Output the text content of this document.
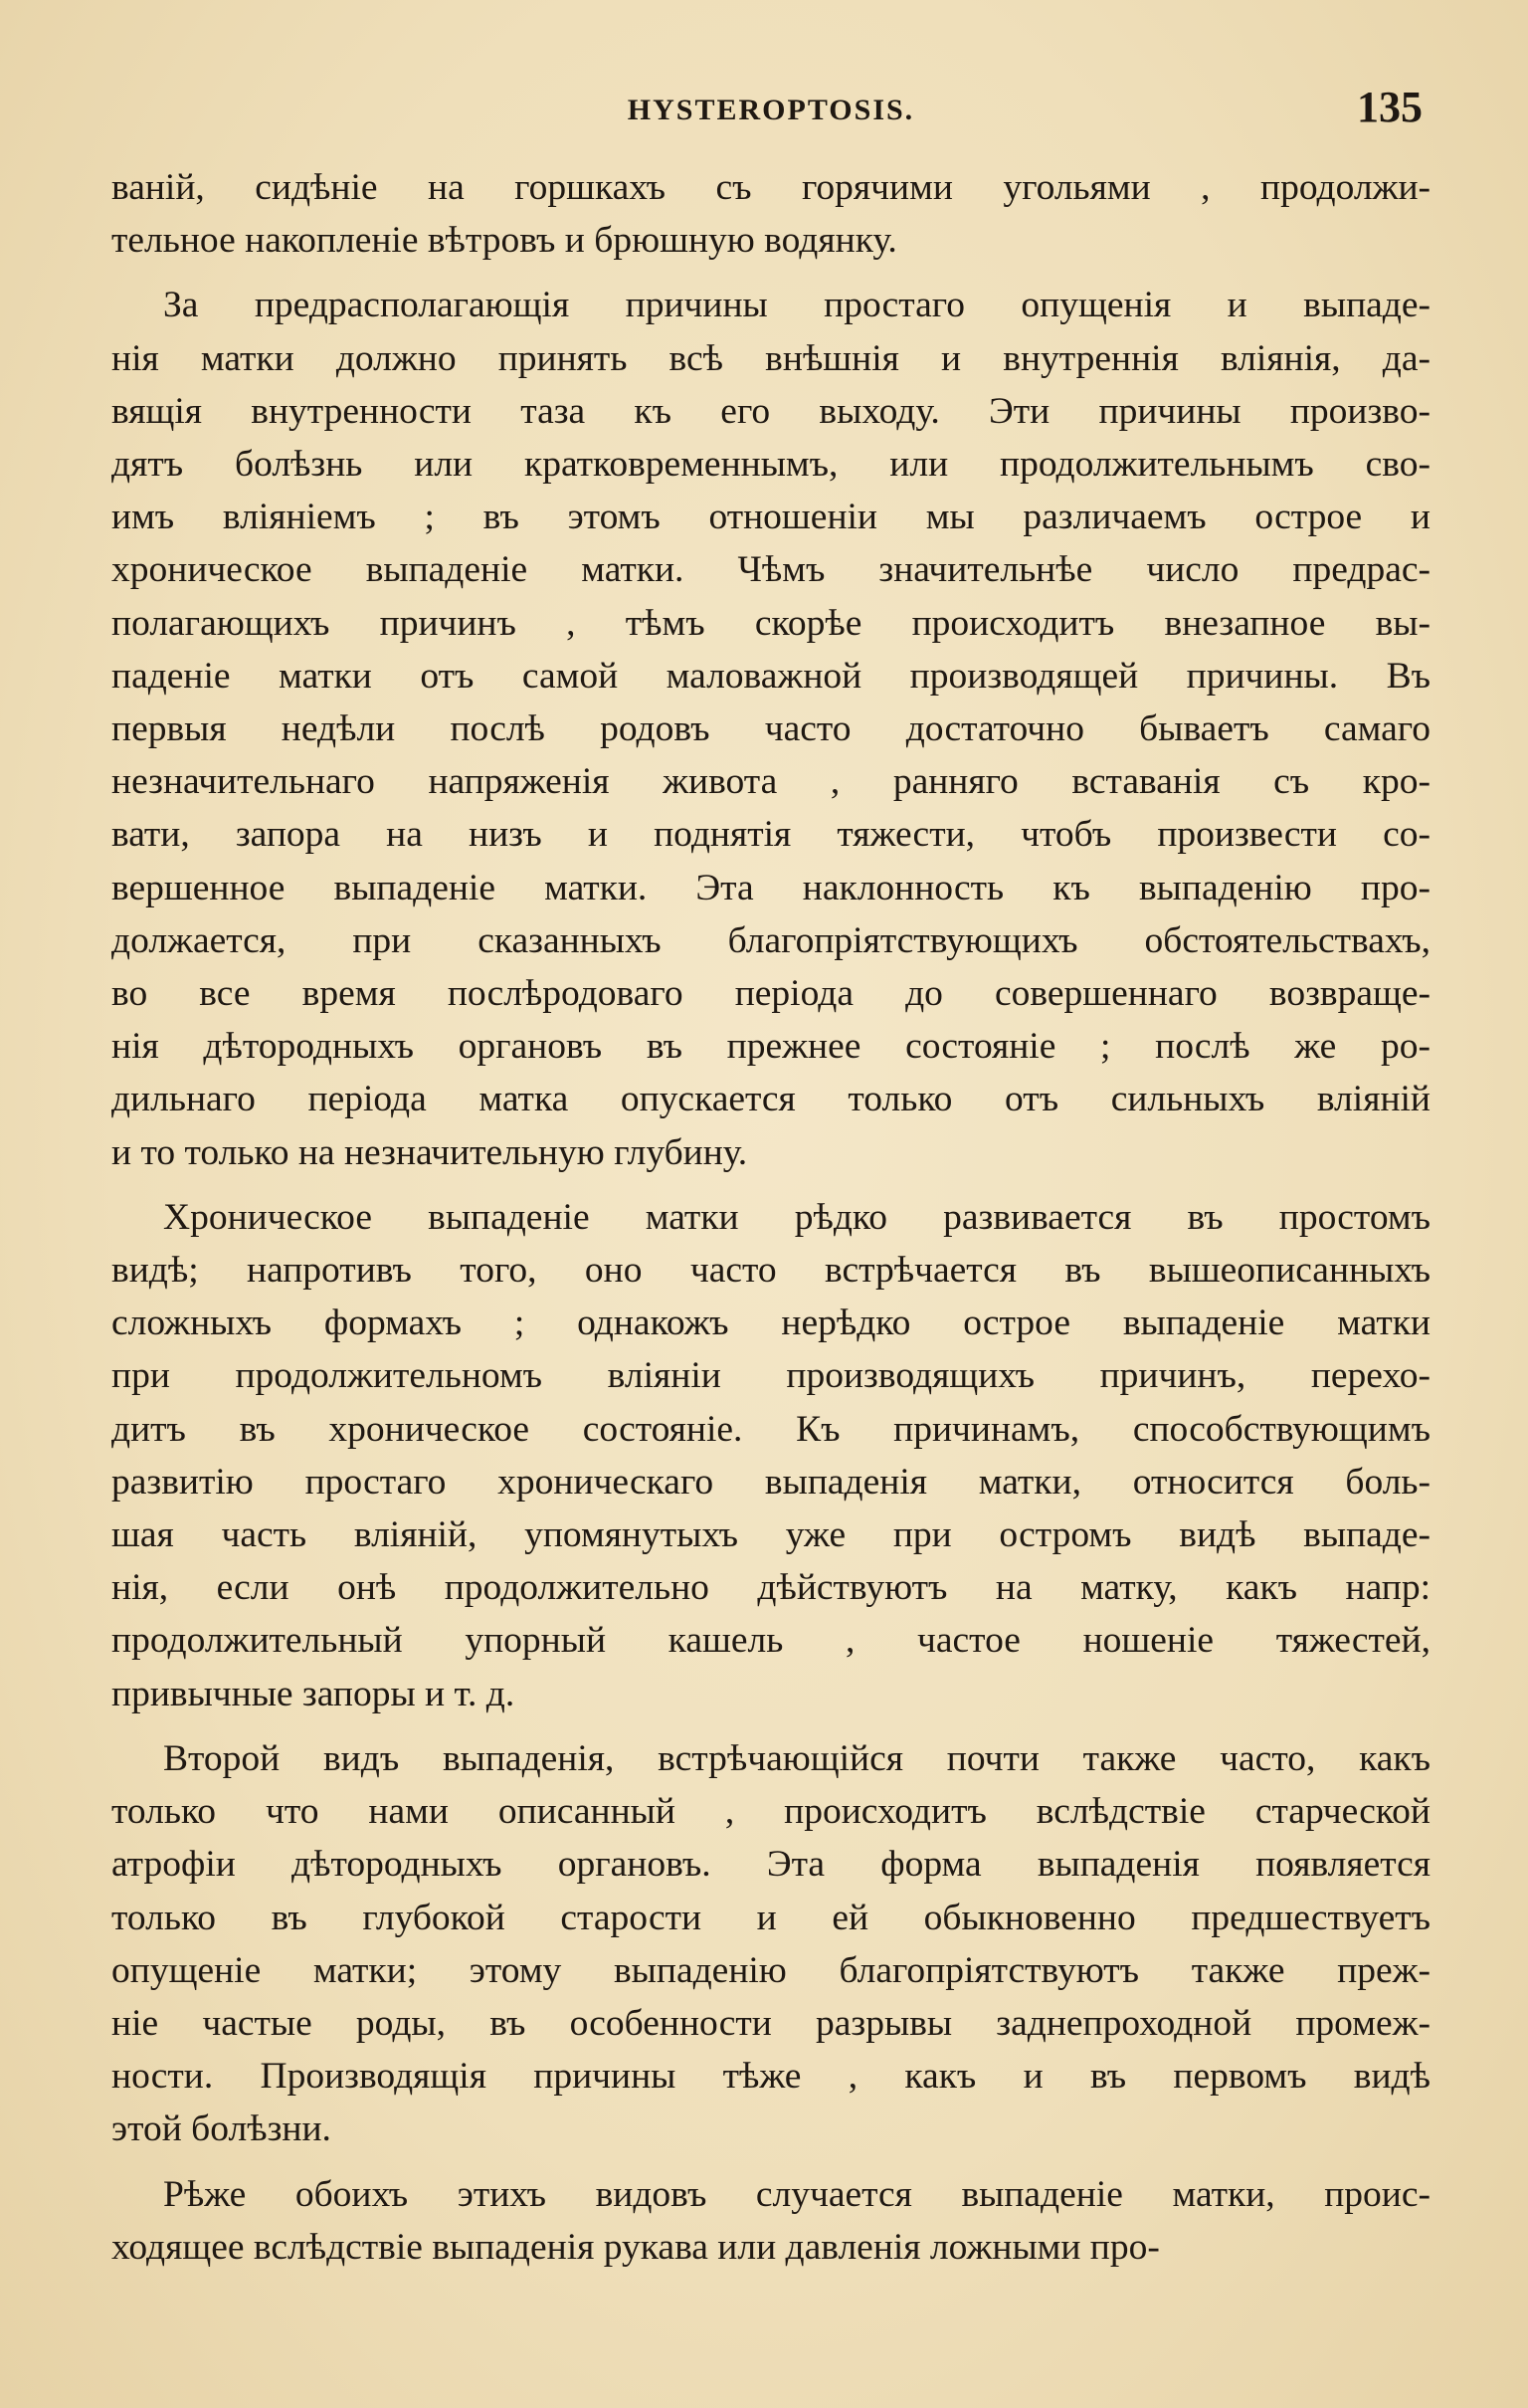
HYSTEROPTOSIS.	135
ваній, сидѣніе на горшкахъ съ горячими угольями , продолжи-
тельное накопленіе вѣтровъ и брюшную водянку.
За предрасполагающія причины простаго опущенія и выпаде-
нія матки должно принять всѣ внѣшнія и внутреннія вліянія, да-
вящія внутренности таза къ его выходу. Эти причины произво-
дятъ болѣзнь или кратковременнымъ, или продолжительнымъ сво-
имъ вліяніемъ ; въ этомъ отношеніи мы различаемъ острое и
хроническое выпаденіе матки. Чѣмъ значительнѣе число предрас-
полагающихъ причинъ , тѣмъ скорѣе происходитъ внезапное вы-
паденіе матки отъ самой маловажной производящей причины. Въ
первыя недѣли послѣ родовъ часто достаточно бываетъ самаго
незначительнаго напряженія живота , ранняго вставанія съ кро-
вати, запора на низъ и поднятія тяжести, чтобъ произвести со-
вершенное выпаденіе матки. Эта наклонность къ выпаденію про-
должается, при сказанныхъ благопріятствующихъ обстоятельствахъ,
во все время послѣродоваго періода до совершеннаго возвраще-
нія дѣтородныхъ органовъ въ прежнее состояніе ; послѣ же ро-
дильнаго періода матка опускается только отъ сильныхъ вліяній
и то только на незначительную глубину.
Хроническое выпаденіе матки рѣдко развивается въ простомъ
видѣ; напротивъ того, оно часто встрѣчается въ вышеописанныхъ
сложныхъ формахъ ; однакожъ нерѣдко острое выпаденіе матки
при продолжительномъ вліяніи производящихъ причинъ, перехо-
дитъ въ хроническое состояніе. Къ причинамъ, способствующимъ
развитію простаго хроническаго выпаденія матки, относится боль-
шая часть вліяній, упомянутыхъ уже при остромъ видѣ выпаде-
нія, если онѣ продолжительно дѣйствуютъ на матку, какъ напр:
продолжительный упорный кашель , частое ношеніе тяжестей,
привычные запоры и т. д.
Второй видъ выпаденія, встрѣчающійся почти также часто, какъ
только что нами описанный , происходитъ вслѣдствіе старческой
атрофіи дѣтородныхъ органовъ. Эта форма выпаденія появляется
только въ глубокой старости и ей обыкновенно предшествуетъ
опущеніе матки; этому выпаденію благопріятствуютъ также преж-
ніе частые роды, въ особенности разрывы заднепроходной промеж-
ности. Производящія причины тѣже , какъ и въ первомъ видѣ
этой болѣзни.
Рѣже обоихъ этихъ видовъ случается выпаденіе матки, проис-
ходящее вслѣдствіе выпаденія рукава или давленія ложными про-
